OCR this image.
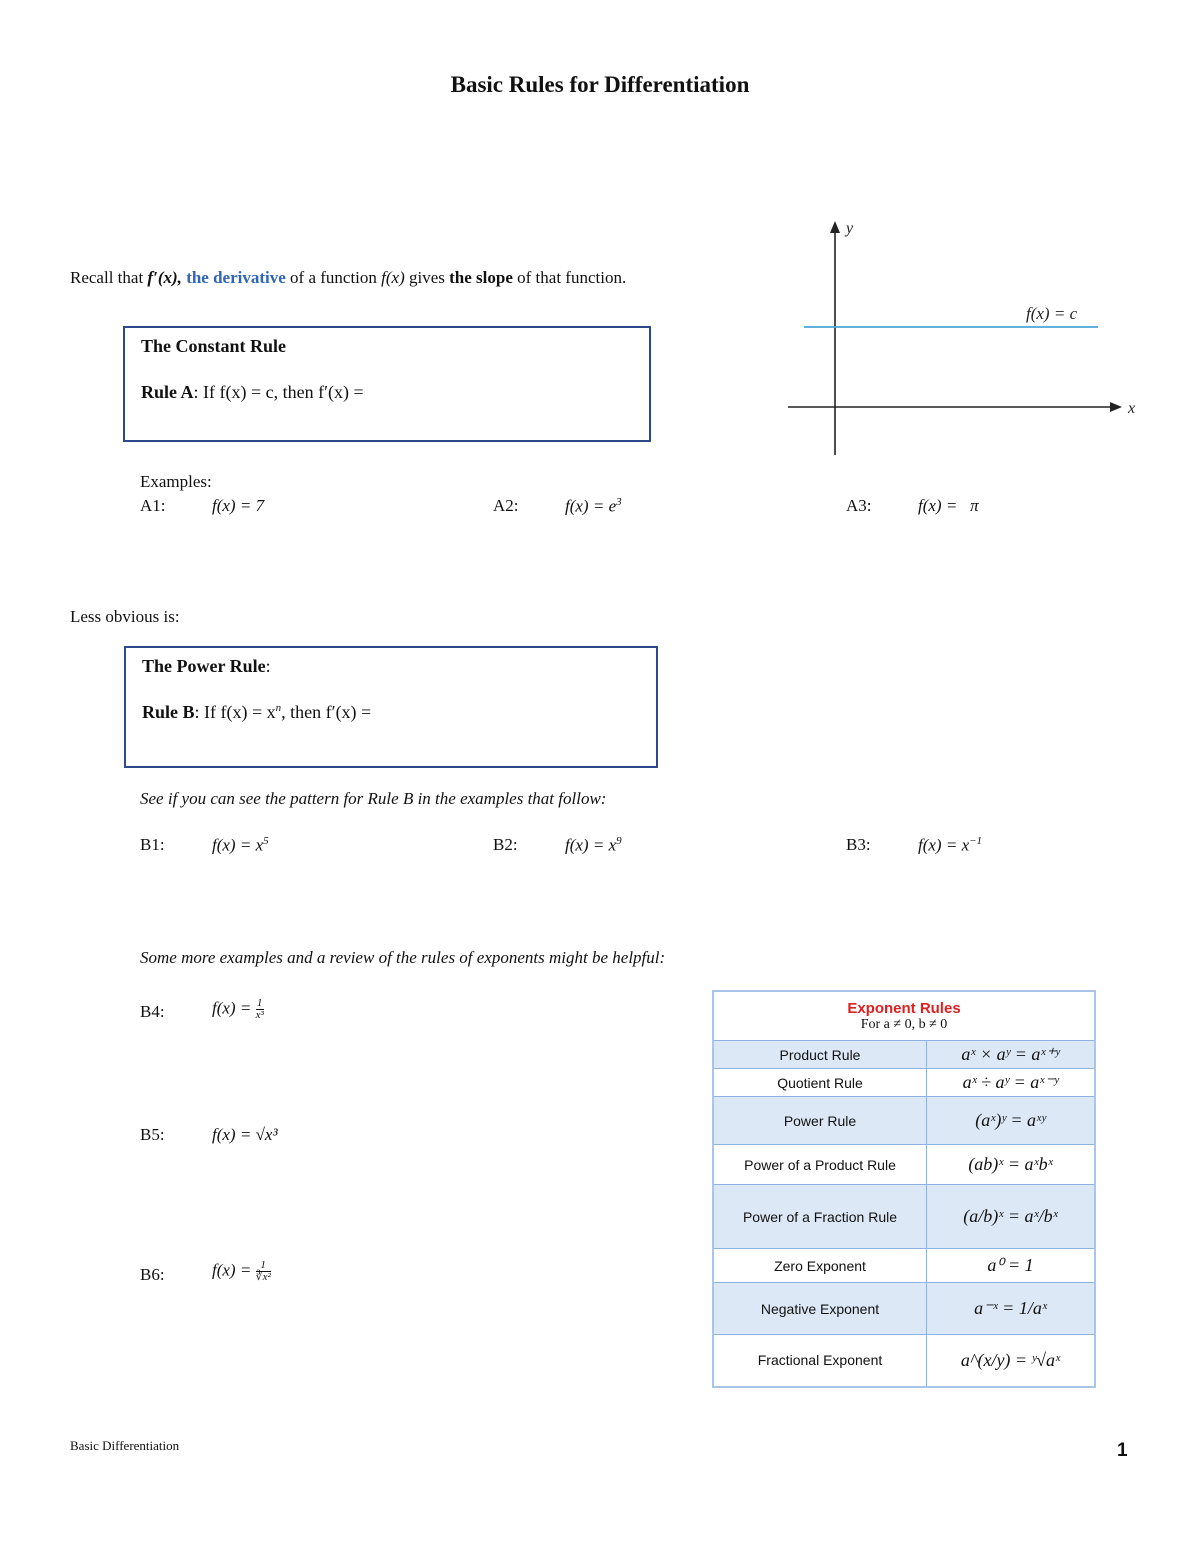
Basic Rules for Differentiation
Recall that f′(x), the derivative of a function f(x) gives the slope of that function.
y
x
f(x) = c
The Constant Rule
Rule A: If f(x) = c, then f′(x) =
Examples:
A1:	f(x) = 7	A2:	$f(x) = e^3$	A3:	f(x) =   π
Less obvious is:
The Power Rule:
Rule B: If $f(x) = x^n$, then f′(x) =
See if you can see the pattern for Rule B in the examples that follow:
B1:	$f(x) = x^5$	B2:	$f(x) = x^9$	B3:	$f(x) = x^{-1}$
Some more examples and a review of the rules of exponents might be helpful:
B4:	$f(x) = \frac{1}{\text{x³}}$
B5:	f(x) = √x³
B6:	$f(x) = \frac{1}{\text{∛x²}}$
Exponent Rules
For a ≠ 0, b ≠ 0	

Product Rule	aˣ × aʸ = aˣ⁺ʸ
Quotient Rule	aˣ ÷ aʸ = aˣ⁻ʸ
Power Rule	(aˣ)ʸ = aˣʸ
Power of a Product Rule	(ab)ˣ = aˣbˣ
Power of a Fraction Rule	(a/b)ˣ = aˣ/bˣ
Zero Exponent	a⁰ = 1
Negative Exponent	a⁻ˣ = 1/aˣ
Fractional Exponent	a^(x/y) = ʸ√aˣ
Basic Differentiation	1
